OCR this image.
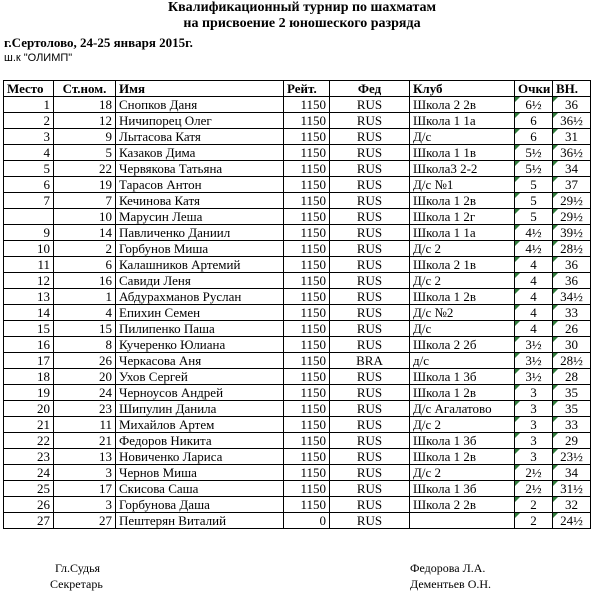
Квалификационный турнир по шахматам
на присвоение 2 юношеского разряда
г.Сертолово, 24-25 января 2015г.
ш.к "ОЛИМП"
Место	Ст.ном.	Имя	Рейт.	Фед	Клуб	Очки	ВН.
1	18	Снопков Даня	1150	RUS	Школа 2 2в	6½	36
2	12	Ничипорец Олег	1150	RUS	Школа 1 1а	6	36½
3	9	Лытасова Катя	1150	RUS	Д/с	6	31
4	5	Казаков Дима	1150	RUS	Школа 1 1в	5½	36½
5	22	Червякова Татьяна	1150	RUS	Школа3 2-2	5½	34
6	19	Тарасов Антон	1150	RUS	Д/с №1	5	37
7	7	Кечинова Катя	1150	RUS	Школа 1 2в	5	29½
	10	Марусин Леша	1150	RUS	Школа 1 2г	5	29½
9	14	Павличенко Даниил	1150	RUS	Школа 1 1а	4½	39½
10	2	Горбунов Миша	1150	RUS	Д/с 2	4½	28½
11	6	Калашников Артемий	1150	RUS	Школа 2 1в	4	36
12	16	Савиди Леня	1150	RUS	Д/с 2	4	36
13	1	Абдурахманов Руслан	1150	RUS	Школа 1 2в	4	34½
14	4	Епихин Семен	1150	RUS	Д/с №2	4	33
15	15	Пилипенко Паша	1150	RUS	Д/с	4	26
16	8	Кучеренко Юлиана	1150	RUS	Школа 2 2б	3½	30
17	26	Черкасова Аня	1150	BRA	д/с	3½	28½
18	20	Ухов Сергей	1150	RUS	Школа 1 3б	3½	28
19	24	Черноусов Андрей	1150	RUS	Школа 1 2в	3	35
20	23	Шипулин Данила	1150	RUS	Д/с Агалатово	3	35
21	11	Михайлов Артем	1150	RUS	Д/с 2	3	33
22	21	Федоров Никита	1150	RUS	Школа 1 3б	3	29
23	13	Новиченко Лариса	1150	RUS	Школа 1 2в	3	23½
24	3	Чернов Миша	1150	RUS	Д/с 2	2½	34
25	17	Скисова Саша	1150	RUS	Школа 1 3б	2½	31½
26	3	Горбунова Даша	1150	RUS	Школа 2 2в	2	32
27	27	Пештерян Виталий	0	RUS		2	24½
Гл.Судья	Федорова Л.А.
Секретарь	Дементьев О.Н.
